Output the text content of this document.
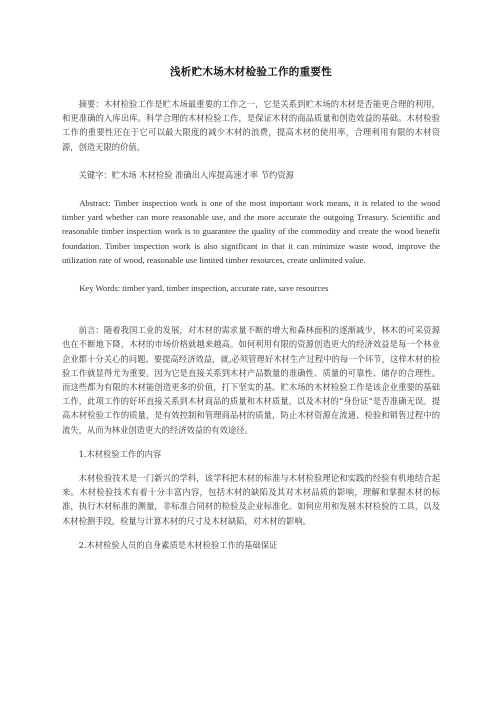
浅析贮木场木材检验工作的重要性

摘要：木材检验工作是贮木场最重要的工作之一，它是关系到贮木场的木材是否能更合理的利用，和更准确的入库出库。科学合理的木材检验工作，是保证木材的商品质量和创造效益的基础。木材检验工作的重要性还在于它可以最大限度的减少木材的浪费，提高木材的使用率，合理利用有限的木材资源，创造无限的价值。

关键字：贮木场 木材检验 准确出入库提高速才率 节约资源

Abstract: Timber inspection work is one of the most important work means, it is related to the wood timber yard whether can more reasonable use, and the more accurate the outgoing Treasury. Scientific and reasonable timber inspection work is to guarantee the quality of the commodity and create the wood benefit foundation. Timber inspection work is also significant in that it can minimize waste wood, improve the utilization rate of wood, reasonable use limited timber resources, create unlimited value.

Key Words: timber yard, timber inspection, accurate rate, save resources

前言：随着我国工业的发展，对木材的需求量不断的增大和森林面积的逐渐减少，林木的可采资源也在不断地下降，木材的市场价格就越来越高。如何利用有限的资源创造更大的经济效益是每一个林业企业都十分关心的问题。要提高经济效益，就,必须管理好木材生产过程中的每一个环节，这样木材的检验工作就显得尤为重要。因为它是直接关系到木材产品数量的准确性、质量的可靠性、储存的合理性。而这些都为有限的木材能创造更多的价值，打下坚实的基。贮木场的木材检验工作是该企业重要的基础工作，此项工作的好坏直接关系到木材商品的质量和木材质量，以及木材的“身份证”是否准确无误。提高木材检验工作的质量，是有效控制和管理商品材的质量，防止木材资源在流通、检验和销售过程中的流失，从而为林业创造更大的经济效益的有效途径。

1.木材检验工作的内容

木材检验技术是一门新兴的学科，该学科把木材的标准与木材检验理论和实践的经验有机地结合起来。木材检验技术有着十分丰富内容，包括木材的缺陷及其对木材品质的影响，理解和掌握木材的标准，执行木材标准的测量，非标准合同材的检验及企业标准化。如何应用和发展木材检验的工具，以及木材检测手段，检量与计算木材的尺寸及木材缺陷，对木材的影响。

2.木材检验人员的自身素质是木材检验工作的基础保证
